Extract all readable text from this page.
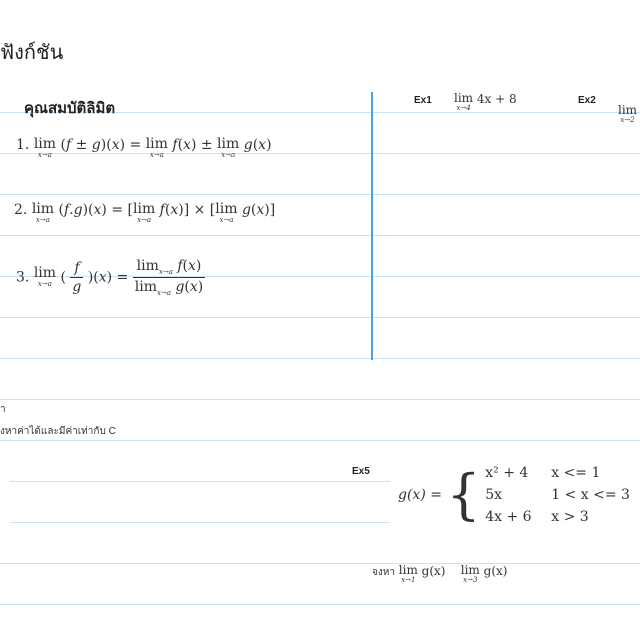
ฟังก์ชัน
คุณสมบัติลิมิต
1. lim
x→a
(f ± g)(x) = lim
x→a
f(x) ± lim
x→a
g(x)
2. lim
x→a
(f.g)(x) = [lim
x→a
f(x)] × [lim
x→a
g(x)]
3. lim
x→a ( $\frac{f}{g} )(x) = \frac{\lim_{x\to a} f(x)}{\lim_{x\to a} g(x)}$
Ex1 lim
x→4
4x + 8	Ex2
lim
x→2
า
งหาค่าได้และมีค่าเท่ากับ C
Ex5
g(x) = { x² + 4 x <= 1
5x	1 < x <= 3
4x + 6 x > 3
จงหา lim
x→1
g(x) lim
x→3
g(x)
